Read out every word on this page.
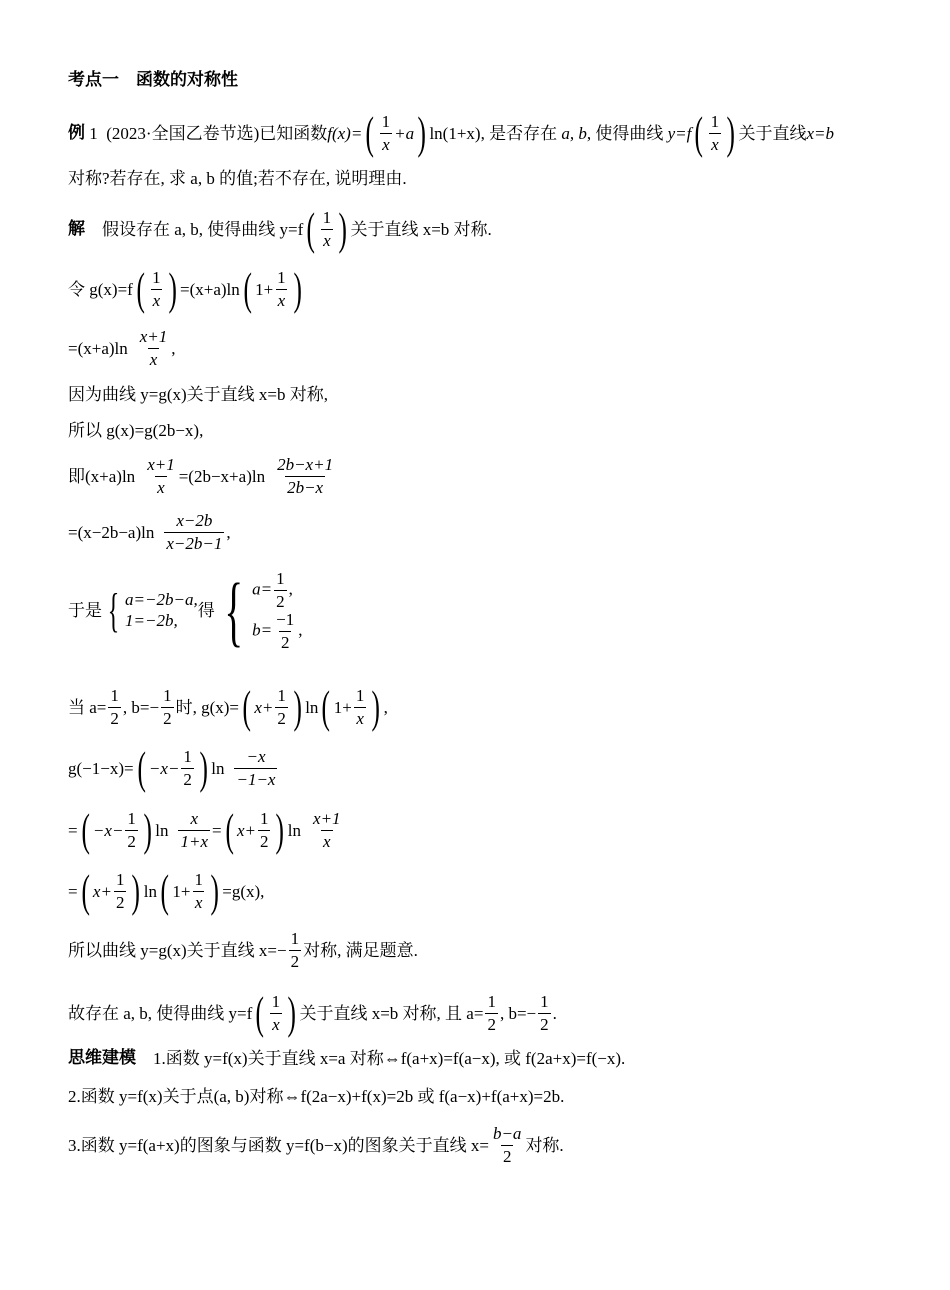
考点一　函数的对称性
例
1
(2023·全国乙卷节选)已知函数 f(x)= ( $\frac{1}{x} +a$ ) ln(1+x), 是否存在
a, b , 使得曲线
y=f ( $\frac{1}{x}$ ) 关于直线 x=b
对称?若存在, 求 a, b 的值;若不存在, 说明理由.
解
假设存在 a, b, 使得曲线 y=f ( $\frac{1}{x}$ ) 关于直线 x=b 对称.
令 g(x)=f ( $\frac{1}{x}$ ) =(x+a)ln ( $1+ \frac{1}{x}$ )
$=(x+a)\ln \frac{x+1}{x}$ ,
因为曲线 y=g(x)关于直线 x=b 对称,
所以 g(x)=g(2b−x),
即$(x+a)\ln \frac{x+1}{x} =(2b-x+a)\ln \frac{2b-x+1}{2b-x}$
$=(x-2b-a)\ln \frac{x-2b}{x-2b-1}$ ,
于是 { a=−2b−a,
1=−2b,	得 { $a= \frac{1}{2}$ ,
$b= \frac{-1}{2}$ ,
当 $a= \frac{1}{2}$ , $b=- \frac{1}{2}$ 时, g(x)= ( $x+ \frac{1}{2}$ ) ln ( $1+ \frac{1}{x}$ ) ,
g(−1−x)= ( $-x- \frac{1}{2}$ ) $\ln \frac{-x}{-1-x}$
= ( $-x- \frac{1}{2}$ ) $\ln \frac{x}{1+x}$ = ( $x+ \frac{1}{2}$ ) $\ln \frac{x+1}{x}$
= ( $x+ \frac{1}{2}$ ) ln ( $1+ \frac{1}{x}$ ) =g(x),
所以曲线 y=g(x)关于直线 $x=- \frac{1}{2}$ 对称, 满足题意.
故存在 a, b, 使得曲线 y=f ( $\frac{1}{x}$ ) 关于直线 x=b 对称, 且 $a= \frac{1}{2}$ , $b=- \frac{1}{2}$ .
思维建模
1.函数 y=f(x)关于直线 x=a 对称⇔f(a+x)=f(a−x), 或 f(2a+x)=f(−x).
2.函数 y=f(x)关于点(a, b)对称⇔f(2a−x)+f(x)=2b 或 f(a−x)+f(a+x)=2b.
3.函数 y=f(a+x)的图象与函数 y=f(b−x)的图象关于直线 $x= \frac{b-a}{2}$ 对称.
